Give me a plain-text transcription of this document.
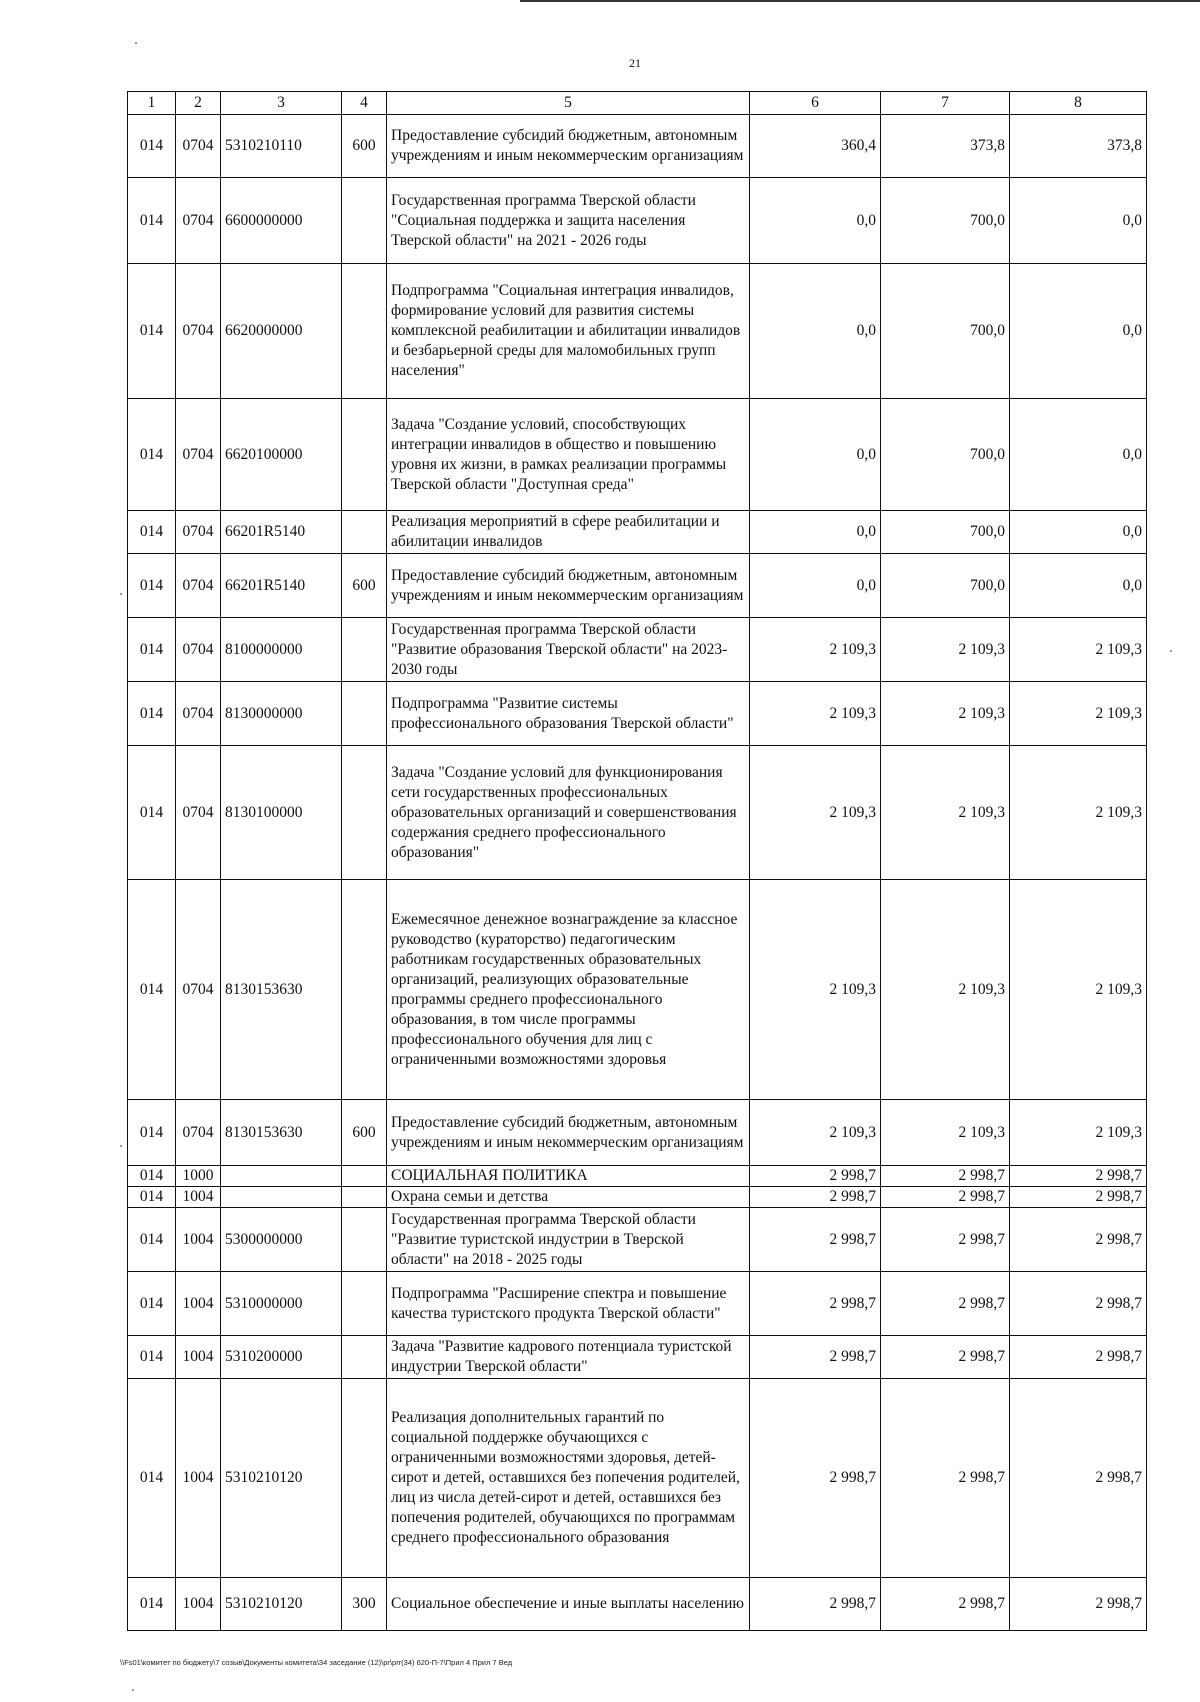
21
1	2	3	4	5	6	7	8
014	0704	5310210110	600	Предоставление субсидий бюджетным, автономным учреждениям и иным некоммерческим организациям	360,4	373,8	373,8
014	0704	6600000000		Государственная программа Тверской области "Социальная поддержка и защита населения Тверской области" на 2021 - 2026 годы	0,0	700,0	0,0
014	0704	6620000000		Подпрограмма "Социальная интеграция инвалидов, формирование условий для развития системы комплексной реабилитации и абилитации инвалидов и безбарьерной среды для маломобильных групп населения"	0,0	700,0	0,0
014	0704	6620100000		Задача "Создание условий, способствующих интеграции инвалидов в общество и повышению уровня их жизни, в рамках реализации программы Тверской области "Доступная среда"	0,0	700,0	0,0
014	0704	66201R5140		Реализация мероприятий в сфере реабилитации и абилитации инвалидов	0,0	700,0	0,0
014	0704	66201R5140	600	Предоставление субсидий бюджетным, автономным учреждениям и иным некоммерческим организациям	0,0	700,0	0,0
014	0704	8100000000		Государственная программа Тверской области "Развитие образования Тверской области" на 2023-2030 годы	2 109,3	2 109,3	2 109,3
014	0704	8130000000		Подпрограмма "Развитие системы профессионального образования Тверской области"	2 109,3	2 109,3	2 109,3
014	0704	8130100000		Задача "Создание условий для функционирования сети государственных профессиональных образовательных организаций и совершенствования содержания среднего профессионального образования"	2 109,3	2 109,3	2 109,3
014	0704	8130153630		Ежемесячное денежное вознаграждение за классное руководство (кураторство) педагогическим работникам государственных образовательных организаций, реализующих образовательные программы среднего профессионального образования, в том числе программы профессионального обучения для лиц с ограниченными возможностями здоровья	2 109,3	2 109,3	2 109,3
014	0704	8130153630	600	Предоставление субсидий бюджетным, автономным учреждениям и иным некоммерческим организациям	2 109,3	2 109,3	2 109,3
014	1000			СОЦИАЛЬНАЯ ПОЛИТИКА	2 998,7	2 998,7	2 998,7
014	1004			Охрана семьи и детства	2 998,7	2 998,7	2 998,7
014	1004	5300000000		Государственная программа Тверской области "Развитие туристской индустрии в Тверской области" на 2018 - 2025 годы	2 998,7	2 998,7	2 998,7
014	1004	5310000000		Подпрограмма "Расширение спектра и повышение качества туристского продукта Тверской области"	2 998,7	2 998,7	2 998,7
014	1004	5310200000		Задача "Развитие кадрового потенциала туристской индустрии Тверской области"	2 998,7	2 998,7	2 998,7
014	1004	5310210120		Реализация дополнительных гарантий по социальной поддержке обучающихся с ограниченными возможностями здоровья, детей-сирот и детей, оставшихся без попечения родителей, лиц из числа детей-сирот и детей, оставшихся без попечения родителей, обучающихся по программам среднего профессионального образования	2 998,7	2 998,7	2 998,7
014	1004	5310210120	300	Социальное обеспечение и иные выплаты населению	2 998,7	2 998,7	2 998,7
\\Fs01\комитет по бюджету\7 созыв\Документы комитета\34 заседание (12)\pr\prr(34) 620-П-7\Прил 4 Прил 7 Вед
